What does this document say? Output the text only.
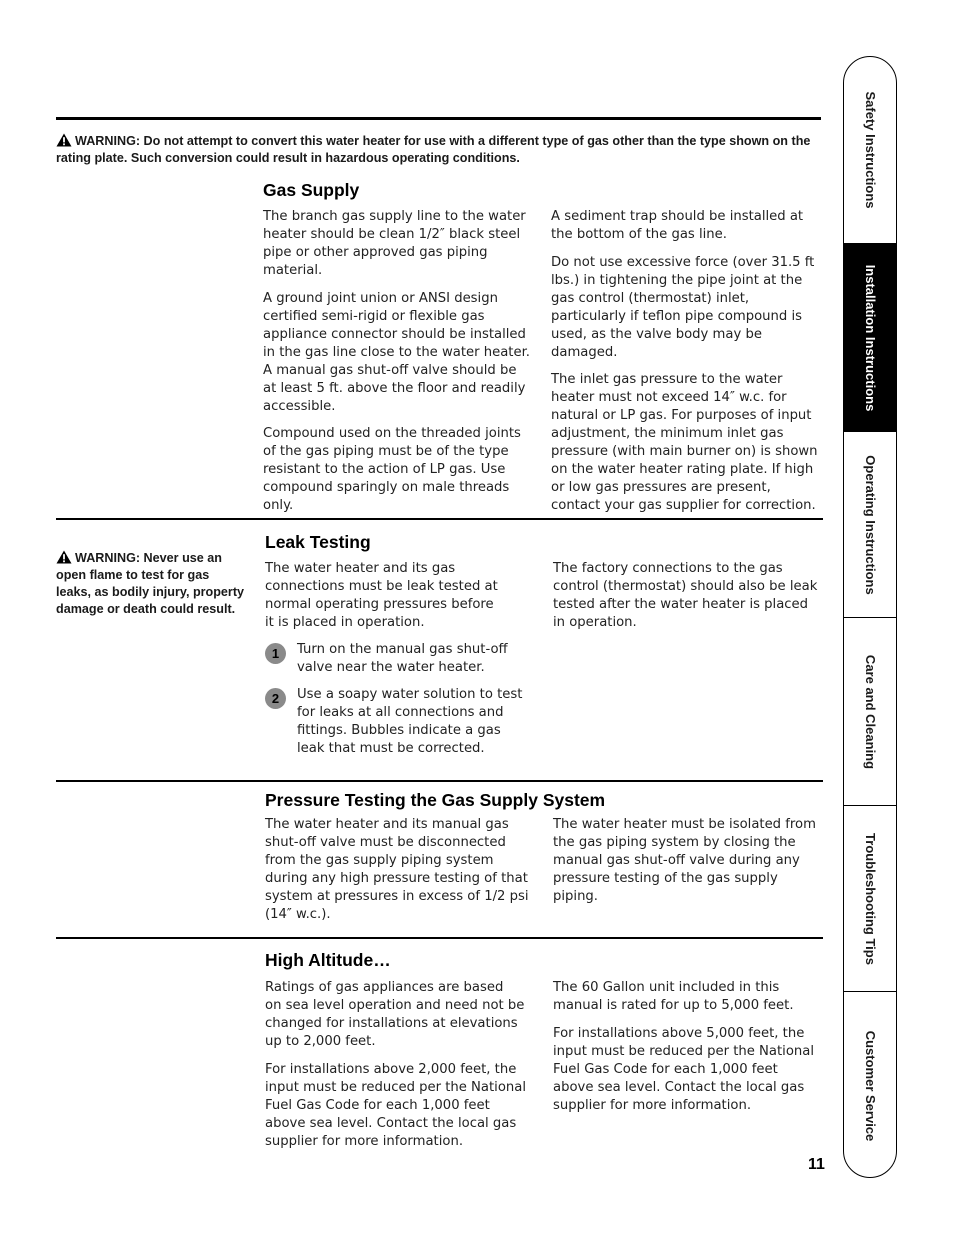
WARNING: Do not attempt to convert this water heater for use with a different type of gas other than the type shown on the rating plate. Such conversion could result in hazardous operating conditions.
Gas Supply

The branch gas supply line to the water heater should be clean 1/2″ black steel pipe or other approved gas piping material.

A ground joint union or ANSI design certified semi-rigid or flexible gas appliance connector should be installed in the gas line close to the water heater. A manual gas shut-off valve should be at least 5 ft. above the floor and readily accessible.

Compound used on the threaded joints of the gas piping must be of the type resistant to the action of LP gas. Use compound sparingly on male threads only.

A sediment trap should be installed at the bottom of the gas line.

Do not use excessive force (over 31.5 ft lbs.) in tightening the pipe joint at the gas control (thermostat) inlet, particularly if teflon pipe compound is used, as the valve body may be
damaged.

The inlet gas pressure to the water heater must not exceed 14″ w.c. for natural or LP gas. For purposes of input adjustment, the minimum inlet gas pressure (with main burner on) is shown on the water heater rating plate. If high or low gas pressures are present, contact your gas supplier for correction.

WARNING: Never use an open flame to test for gas leaks, as bodily injury, property damage or death could result.
Leak Testing

The water heater and its gas connections must be leak tested at normal operating pressures before
it is placed in operation.

The factory connections to the gas control (thermostat) should also be leak tested after the water heater is placed in operation.

1	Turn on the manual gas shut-off valve near the water heater.
2	Use a soapy water solution to test for leaks at all connections and fittings. Bubbles indicate a gas leak that must be corrected.
Pressure Testing the Gas Supply System

The water heater and its manual gas shut-off valve must be disconnected from the gas supply piping system during any high pressure testing of that system at pressures in excess of 1/2 psi (14″ w.c.).

The water heater must be isolated from the gas piping system by closing the manual gas shut-off valve during any pressure testing of the gas supply piping.

High Altitude…

Ratings of gas appliances are based
on sea level operation and need not be changed for installations at elevations up to 2,000 feet.

For installations above 2,000 feet, the input must be reduced per the National Fuel Gas Code for each 1,000 feet above sea level. Contact the local gas supplier for more information.

The 60 Gallon unit included in this manual is rated for up to 5,000 feet.

For installations above 5,000 feet, the input must be reduced per the National Fuel Gas Code for each 1,000 feet above sea level. Contact the local gas supplier for more information.

Safety Instructions
Installation Instructions
Operating Instructions
Care and Cleaning
Troubleshooting Tips
Customer Service
11
